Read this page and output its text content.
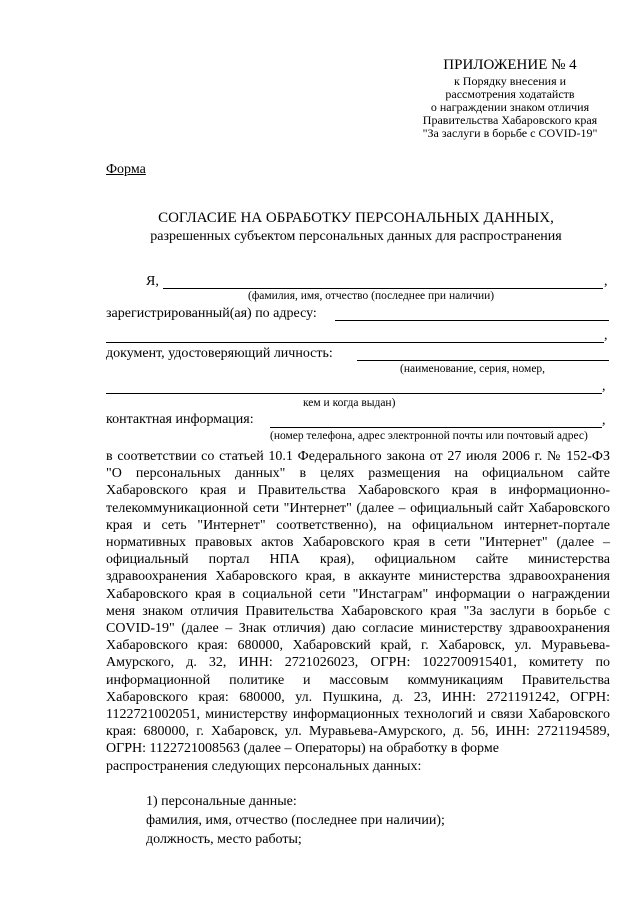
ПРИЛОЖЕНИЕ № 4
к Порядку внесения и
рассмотрения ходатайств
о награждении знаком отличия
Правительства Хабаровского края
"За заслуги в борьбе с COVID-19"
Форма
СОГЛАСИЕ НА ОБРАБОТКУ ПЕРСОНАЛЬНЫХ ДАННЫХ,
разрешенных субъектом персональных данных для распространения
Я,	,
(фамилия, имя, отчество (последнее при наличии)
зарегистрированный(ая) по адресу:
,
документ, удостоверяющий личность:
(наименование, серия, номер,
,
кем и когда выдан)
контактная информация:	,
(номер телефона, адрес электронной почты или почтовый адрес)

в соответствии со статьей 10.1 Федерального закона от 27 июля 2006 г. № 152-ФЗ "О персональных данных" в целях размещения на официальном сайте Хабаровского края и Правительства Хабаровского края в информационно-телекоммуникационной сети "Интернет" (далее – официальный сайт Хабаровского края и сеть "Интернет" соответственно), на официальном интернет-портале нормативных правовых актов Хабаровского края в сети "Интернет" (далее – официальный портал НПА края), официальном сайте министерства здравоохранения Хабаровского края, в аккаунте министерства здравоохранения Хабаровского края в социальной сети "Инстаграм" информации о награждении меня знаком отличия Правительства Хабаровского края "За заслуги в борьбе с COVID-19" (далее – Знак отличия) даю согласие министерству здравоохранения Хабаровского края: 680000, Хабаровский край, г. Хабаровск, ул. Муравьева-Амурского, д. 32, ИНН: 2721026023, ОГРН: 1022700915401, комитету по информационной политике и массовым коммуникациям Правительства Хабаровского края: 680000, ул. Пушкина, д. 23, ИНН: 2721191242, ОГРН: 1122721002051, министерству информационных технологий и связи Хабаровского края: 680000, г. Хабаровск, ул. Муравьева-Амурского, д. 56, ИНН: 2721194589, ОГРН: 1122721008563 (далее – Операторы) на обработку в форме

распространения следующих персональных данных:

1) персональные данные:
фамилия, имя, отчество (последнее при наличии);
должность, место работы;
